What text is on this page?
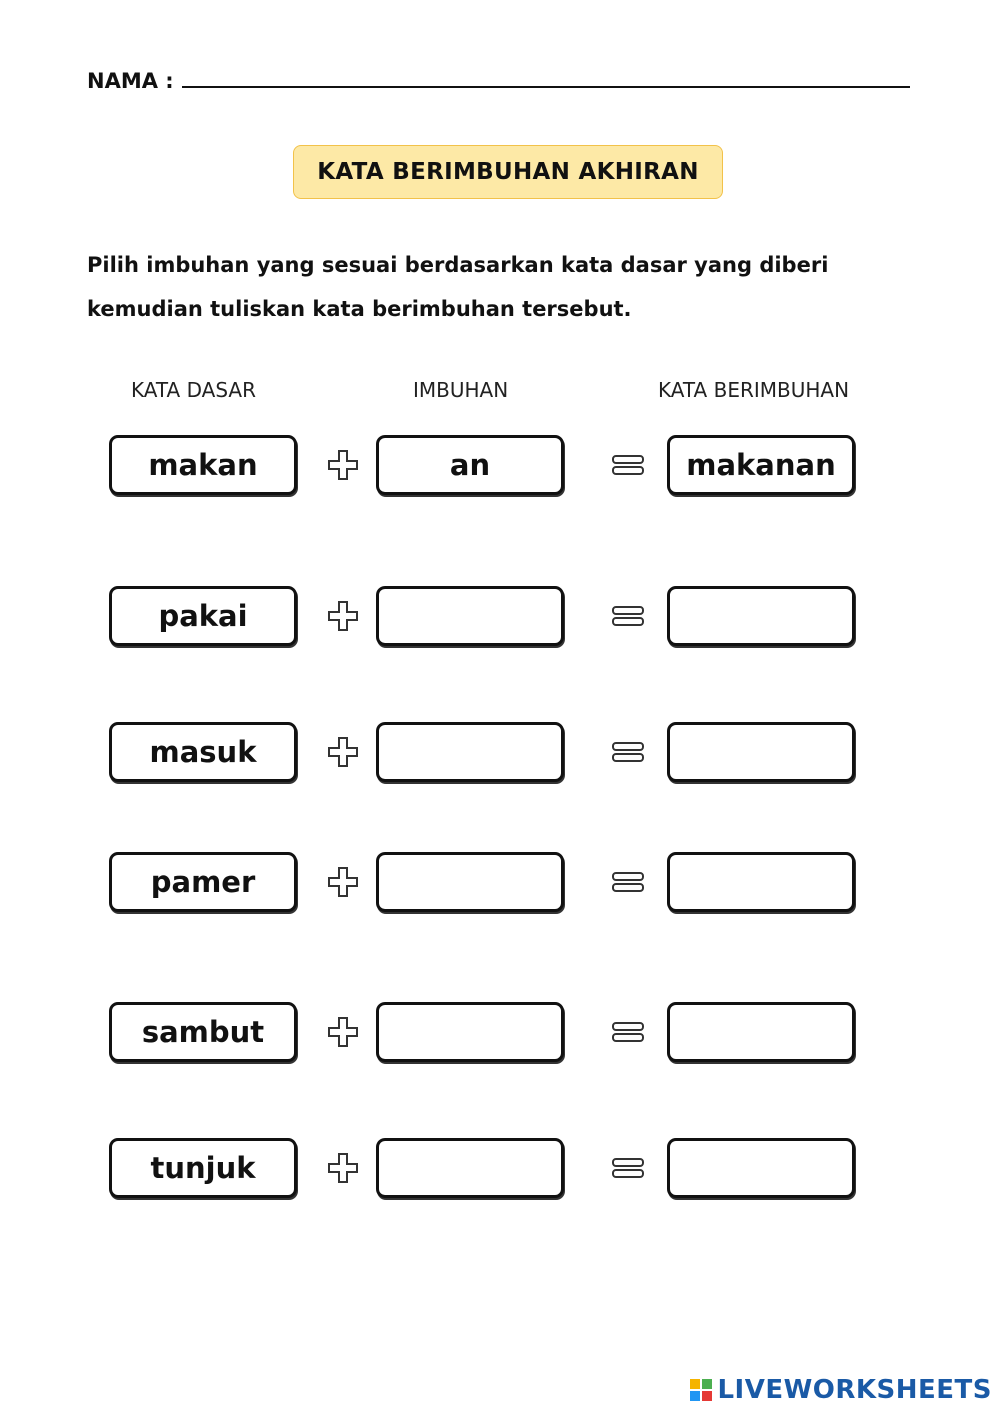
NAMA :
KATA BERIMBUHAN AKHIRAN
Pilih imbuhan yang sesuai berdasarkan kata dasar yang diberi kemudian tuliskan kata berimbuhan tersebut.
KATA DASAR	IMBUHAN	KATA BERIMBUHAN
makan	an	makanan
pakai
masuk
pamer
sambut
tunjuk
LIVEWORKSHEETS
